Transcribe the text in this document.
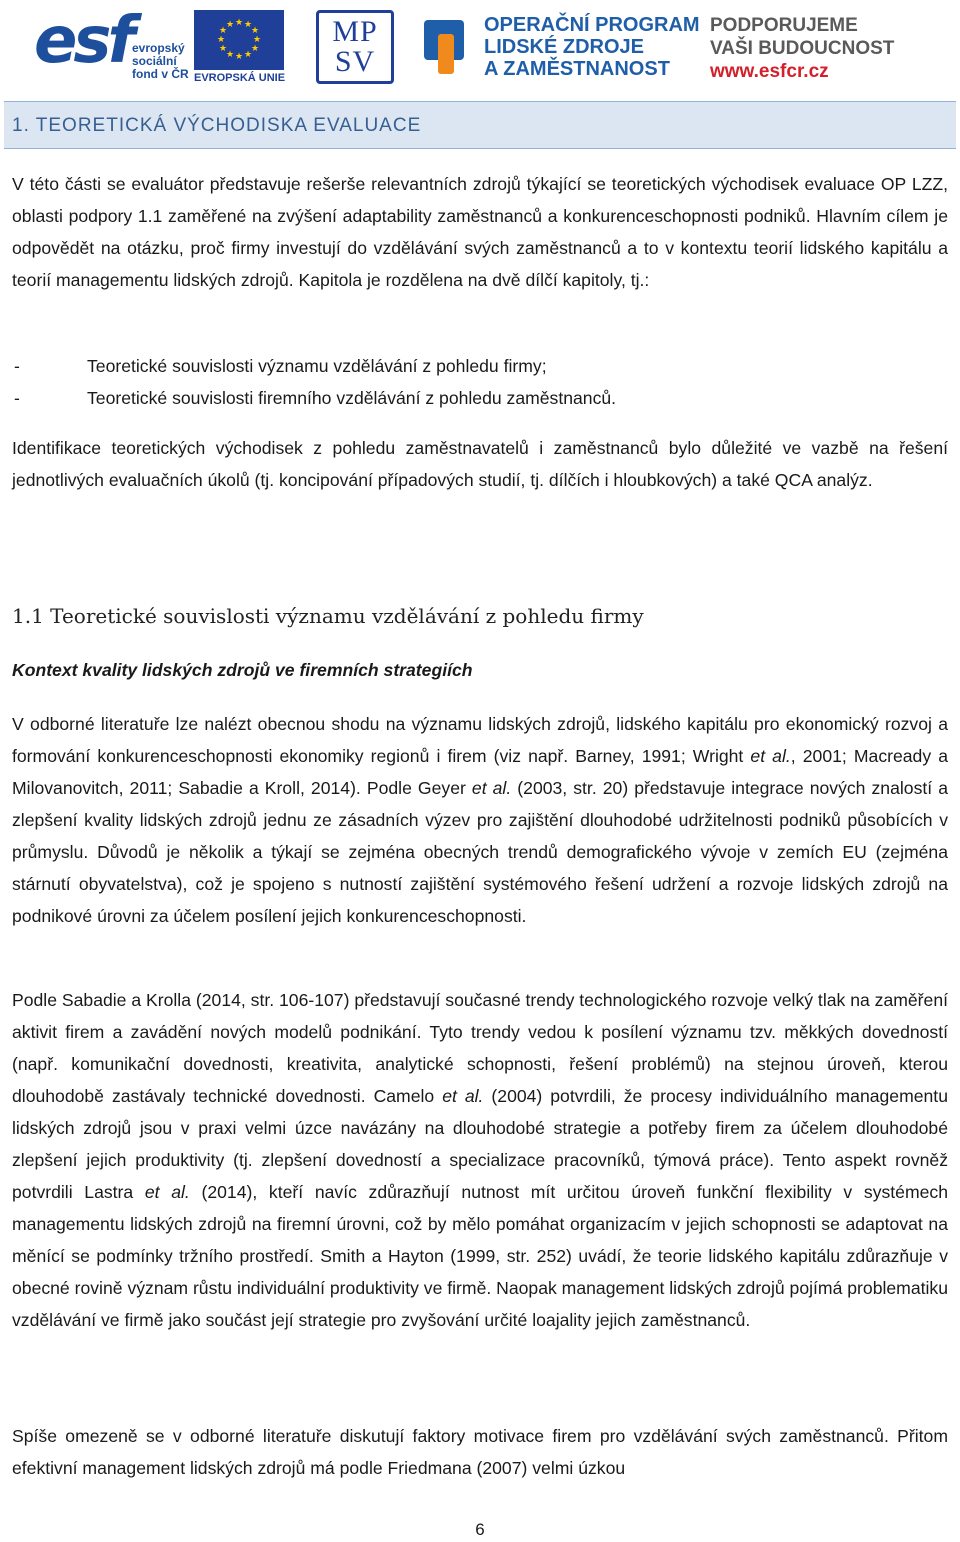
esf evropský
sociální
fond v ČR
★ ★
★
★
★
★
★
★
★
★
★
★
EVROPSKÁ UNIE
MP
SV
OPERAČNÍ PROGRAM
LIDSKÉ ZDROJE
A ZAMĚSTNANOST
PODPORUJEME
VAŠI BUDOUCNOST
www.esfcr.cz
1. TEORETICKÁ VÝCHODISKA EVALUACE

V této části se evaluátor představuje rešerše relevantních zdrojů týkající se teoretických východisek evaluace OP LZZ, oblasti podpory 1.1 zaměřené na zvýšení adaptability zaměstnanců a konkurenceschopnosti podniků. Hlavním cílem je odpovědět na otázku, proč firmy investují do vzdělávání svých zaměstnanců a to v kontextu teorií lidského kapitálu a teorií managementu lidských zdrojů. Kapitola je rozdělena na dvě dílčí kapitoly, tj.:

- Teoretické souvislosti významu vzdělávání z pohledu firmy;
- Teoretické souvislosti firemního vzdělávání z pohledu zaměstnanců.

Identifikace teoretických východisek z pohledu zaměstnavatelů i zaměstnanců bylo důležité ve vazbě na řešení jednotlivých evaluačních úkolů (tj. koncipování případových studií, tj. dílčích i hloubkových) a také QCA analýz.

1.1 Teoretické souvislosti významu vzdělávání z pohledu firmy
Kontext kvality lidských zdrojů ve firemních strategiích

V odborné literatuře lze nalézt obecnou shodu na významu lidských zdrojů, lidského kapitálu pro ekonomický rozvoj a formování konkurenceschopnosti ekonomiky regionů i firem (viz např. Barney, 1991; Wright et al., 2001; Macready a Milovanovitch, 2011; Sabadie a Kroll, 2014). Podle Geyer et al. (2003, str. 20) představuje integrace nových znalostí a zlepšení kvality lidských zdrojů jednu ze zásadních výzev pro zajištění dlouhodobé udržitelnosti podniků působících v průmyslu. Důvodů je několik a týkají se zejména obecných trendů demografického vývoje v zemích EU (zejména stárnutí obyvatelstva), což je spojeno s nutností zajištění systémového řešení udržení a rozvoje lidských zdrojů na podnikové úrovni za účelem posílení jejich konkurenceschopnosti.

Podle Sabadie a Krolla (2014, str. 106-107) představují současné trendy technologického rozvoje velký tlak na zaměření aktivit firem a zavádění nových modelů podnikání. Tyto trendy vedou k posílení významu tzv. měkkých dovedností (např. komunikační dovednosti, kreativita, analytické schopnosti, řešení problémů) na stejnou úroveň, kterou dlouhodobě zastávaly technické dovednosti. Camelo et al. (2004) potvrdili, že procesy individuálního managementu lidských zdrojů jsou v praxi velmi úzce navázány na dlouhodobé strategie a potřeby firem za účelem dlouhodobé zlepšení jejich produktivity (tj. zlepšení dovedností a specializace pracovníků, týmová práce). Tento aspekt rovněž potvrdili Lastra et al. (2014), kteří navíc zdůrazňují nutnost mít určitou úroveň funkční flexibility v systémech managementu lidských zdrojů na firemní úrovni, což by mělo pomáhat organizacím v jejich schopnosti se adaptovat na měnící se podmínky tržního prostředí. Smith a Hayton (1999, str. 252) uvádí, že teorie lidského kapitálu zdůrazňuje v obecné rovině význam růstu individuální produktivity ve firmě. Naopak management lidských zdrojů pojímá problematiku vzdělávání ve firmě jako součást její strategie pro zvyšování určité loajality jejich zaměstnanců.

Spíše omezeně se v odborné literatuře diskutují faktory motivace firem pro vzdělávání svých zaměstnanců. Přitom efektivní management lidských zdrojů má podle Friedmana (2007) velmi úzkou

6
